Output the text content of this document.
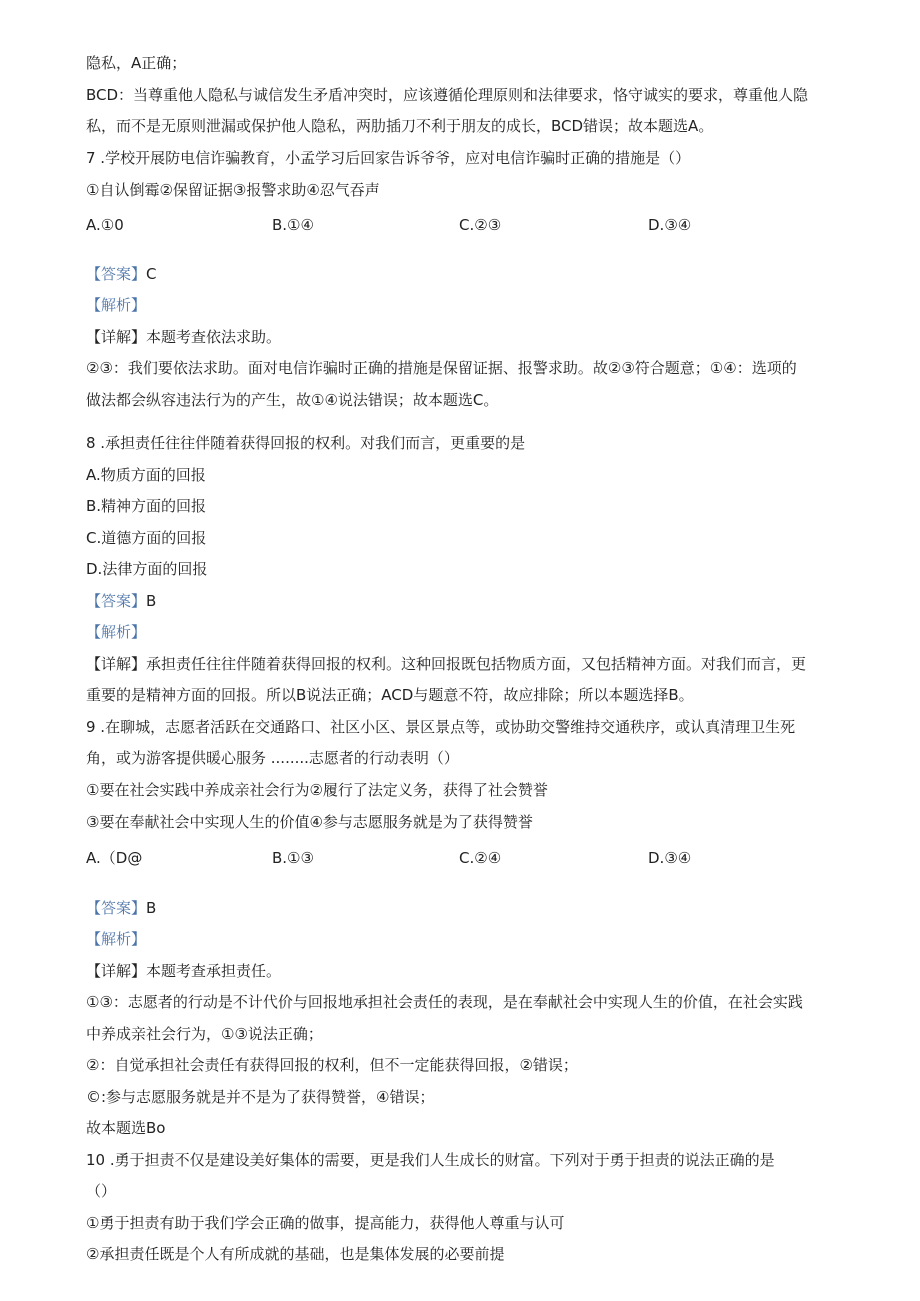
隐私，A正确；
BCD：当尊重他人隐私与诚信发生矛盾冲突时，应该遵循伦理原则和法律要求，恪守诚实的要求，尊重他人隐
私，而不是无原则泄漏或保护他人隐私，两肋插刀不利于朋友的成长，BCD错误；故本题选A。
7 .学校开展防电信诈骗教育，小孟学习后回家告诉爷爷，应对电信诈骗时正确的措施是（）
①自认倒霉②保留证据③报警求助④忍气吞声
A.①0	B.①④	C.②③	D.③④
【答案】C
【解析】
【详解】本题考查依法求助。
②③：我们要依法求助。面对电信诈骗时正确的措施是保留证据、报警求助。故②③符合题意；①④：选项的
做法都会纵容违法行为的产生，故①④说法错误；故本题选C。
8 .承担责任往往伴随着获得回报的权利。对我们而言，更重要的是
A.物质方面的回报
B.精神方面的回报
C.道德方面的回报
D.法律方面的回报
【答案】B
【解析】
【详解】承担责任往往伴随着获得回报的权利。这种回报既包括物质方面，又包括精神方面。对我们而言，更
重要的是精神方面的回报。所以B说法正确；ACD与题意不符，故应排除；所以本题选择B。
9 .在聊城，志愿者活跃在交通路口、社区小区、景区景点等，或协助交警维持交通秩序，或认真清理卫生死
角，或为游客提供暖心服务 ........志愿者的行动表明（）
①要在社会实践中养成亲社会行为②履行了法定义务，获得了社会赞誉
③要在奉献社会中实现人生的价值④参与志愿服务就是为了获得赞誉
A.（D@	B.①③	C.②④	D.③④
【答案】B
【解析】
【详解】本题考查承担责任。
①③：志愿者的行动是不计代价与回报地承担社会责任的表现，是在奉献社会中实现人生的价值，在社会实践
中养成亲社会行为，①③说法正确；
②：自觉承担社会责任有获得回报的权利，但不一定能获得回报，②错误；
©:参与志愿服务就是并不是为了获得赞誉，④错误；
故本题选Bo
10 .勇于担责不仅是建设美好集体的需要，更是我们人生成长的财富。下列对于勇于担责的说法正确的是
（）
①勇于担责有助于我们学会正确的做事，提高能力，获得他人尊重与认可
②承担责任既是个人有所成就的基础，也是集体发展的必要前提
